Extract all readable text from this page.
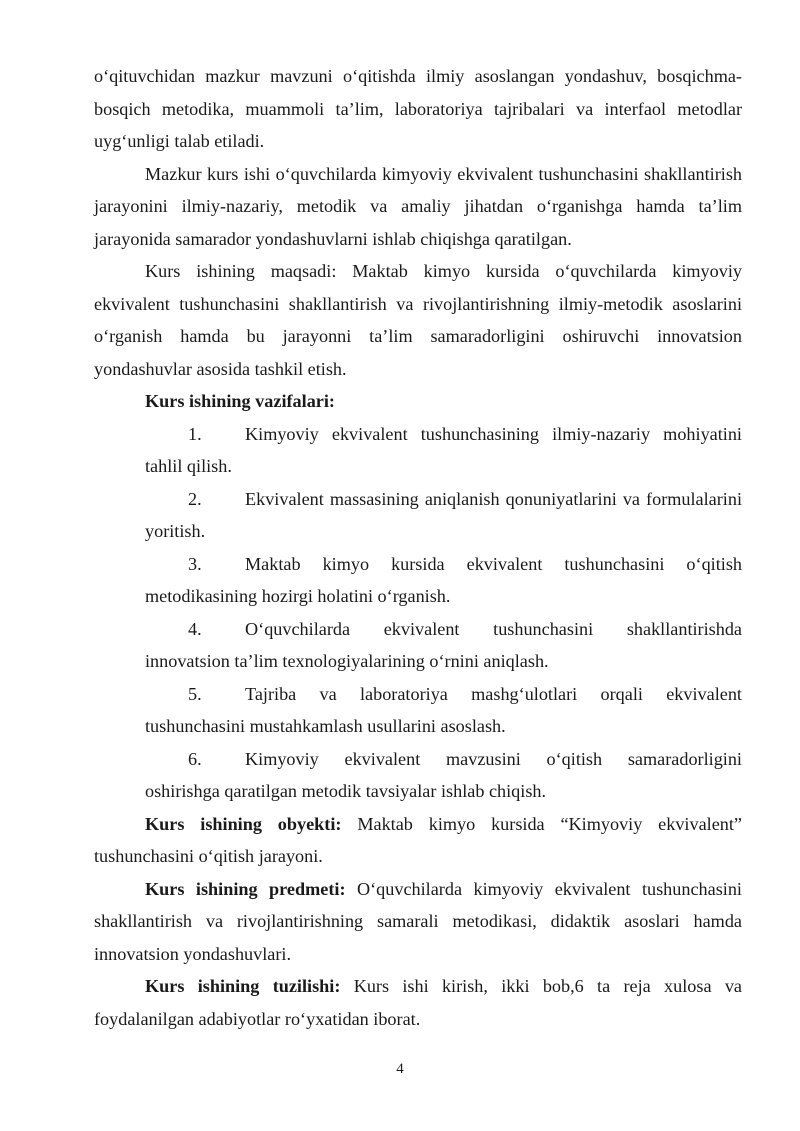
o‘qituvchidan mazkur mavzuni o‘qitishda ilmiy asoslangan yondashuv, bosqichma-bosqich metodika, muammoli ta’lim, laboratoriya tajribalari va interfaol metodlar uyg‘unligi talab etiladi.

Mazkur kurs ishi o‘quvchilarda kimyoviy ekvivalent tushunchasini shakllantirish jarayonini ilmiy-nazariy, metodik va amaliy jihatdan o‘rganishga hamda ta’lim jarayonida samarador yondashuvlarni ishlab chiqishga qaratilgan.

Kurs ishining maqsadi: Maktab kimyo kursida o‘quvchilarda kimyoviy ekvivalent tushunchasini shakllantirish va rivojlantirishning ilmiy-metodik asoslarini o‘rganish hamda bu jarayonni ta’lim samaradorligini oshiruvchi innovatsion yondashuvlar asosida tashkil etish.

Kurs ishining vazifalari:

1.	Kimyoviy ekvivalent tushunchasining ilmiy-nazariy mohiyatini
tahlil qilish.
2.	Ekvivalent massasining aniqlanish qonuniyatlarini va formulalarini
yoritish.
3.	Maktab kimyo kursida ekvivalent tushunchasini o‘qitish
metodikasining hozirgi holatini o‘rganish.
4.	O‘quvchilarda ekvivalent tushunchasini shakllantirishda
innovatsion ta’lim texnologiyalarining o‘rnini aniqlash.
5.	Tajriba va laboratoriya mashg‘ulotlari orqali ekvivalent
tushunchasini mustahkamlash usullarini asoslash.
6.	Kimyoviy ekvivalent mavzusini o‘qitish samaradorligini
oshirishga qaratilgan metodik tavsiyalar ishlab chiqish.

Kurs ishining obyekti: Maktab kimyo kursida “Kimyoviy ekvivalent” tushunchasini o‘qitish jarayoni.

Kurs ishining predmeti: O‘quvchilarda kimyoviy ekvivalent tushunchasini shakllantirish va rivojlantirishning samarali metodikasi, didaktik asoslari hamda innovatsion yondashuvlari.

Kurs ishining tuzilishi: Kurs ishi kirish, ikki bob,6 ta reja xulosa va foydalanilgan adabiyotlar ro‘yxatidan iborat.

4
